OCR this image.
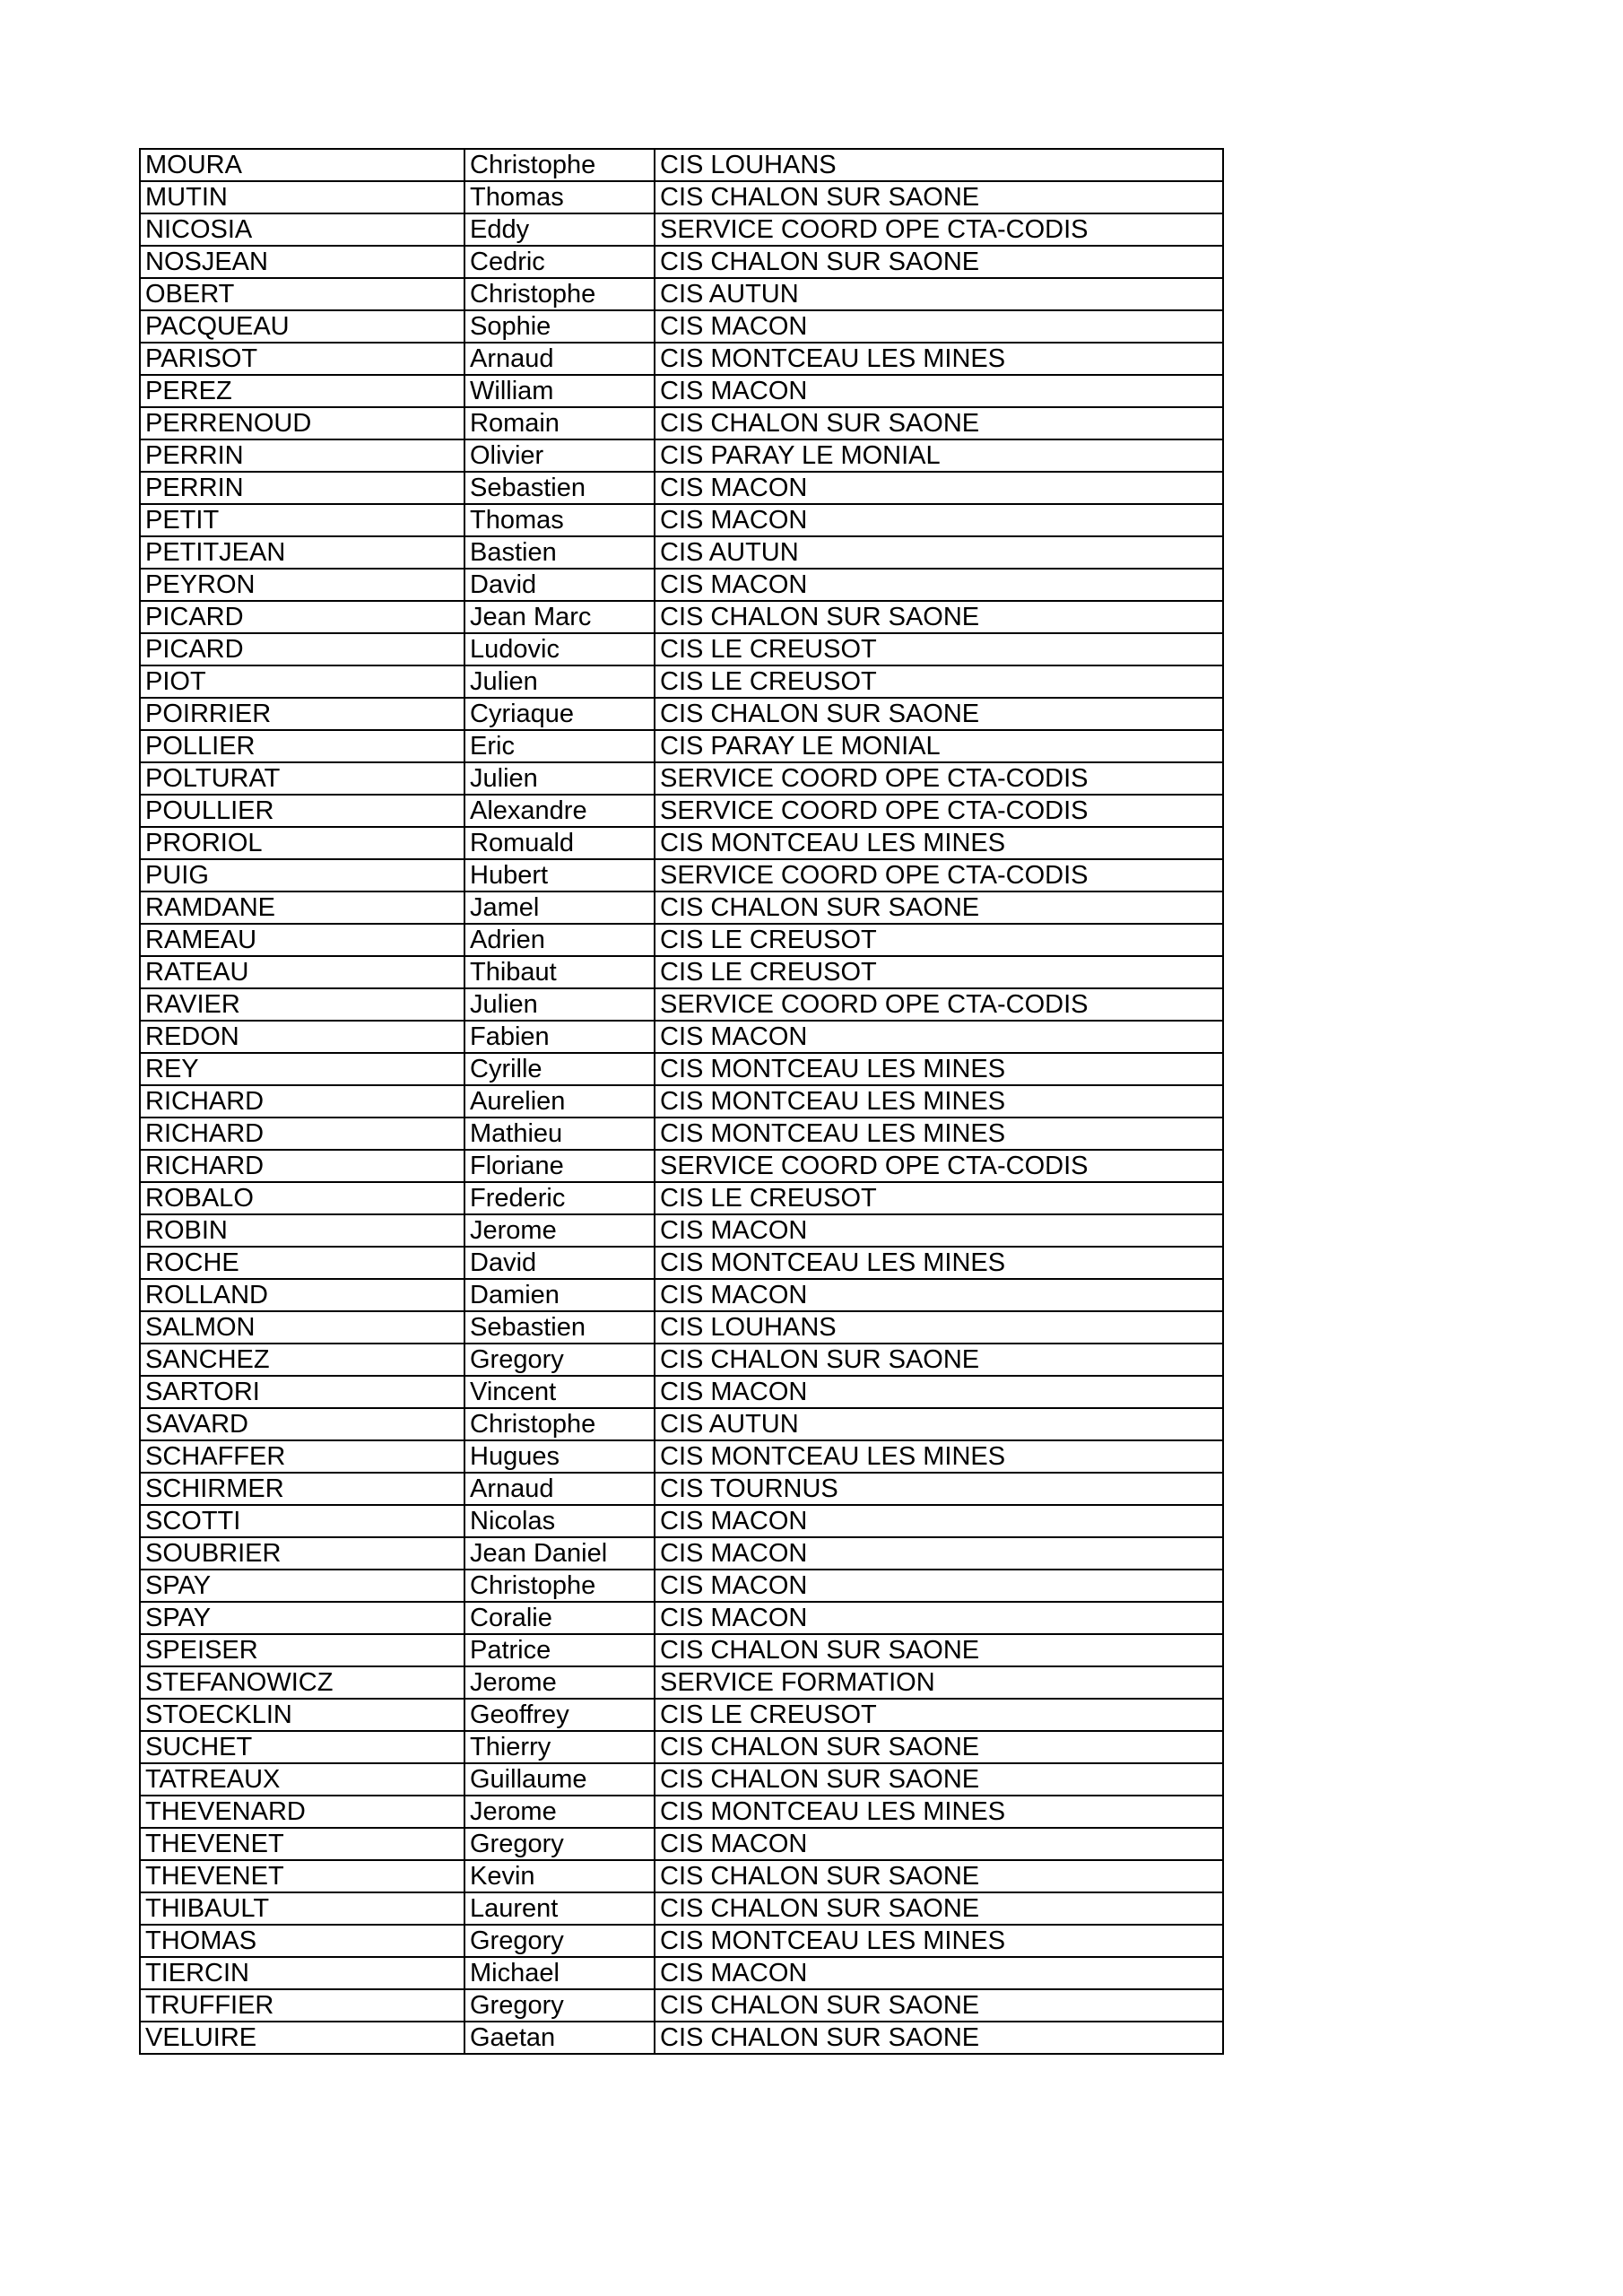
MOURA	Christophe	CIS LOUHANS
MUTIN	Thomas	CIS CHALON SUR SAONE
NICOSIA	Eddy	SERVICE COORD OPE CTA-CODIS
NOSJEAN	Cedric	CIS CHALON SUR SAONE
OBERT	Christophe	CIS AUTUN
PACQUEAU	Sophie	CIS MACON
PARISOT	Arnaud	CIS MONTCEAU LES MINES
PEREZ	William	CIS MACON
PERRENOUD	Romain	CIS CHALON SUR SAONE
PERRIN	Olivier	CIS PARAY LE MONIAL
PERRIN	Sebastien	CIS MACON
PETIT	Thomas	CIS MACON
PETITJEAN	Bastien	CIS AUTUN
PEYRON	David	CIS MACON
PICARD	Jean Marc	CIS CHALON SUR SAONE
PICARD	Ludovic	CIS LE CREUSOT
PIOT	Julien	CIS LE CREUSOT
POIRRIER	Cyriaque	CIS CHALON SUR SAONE
POLLIER	Eric	CIS PARAY LE MONIAL
POLTURAT	Julien	SERVICE COORD OPE CTA-CODIS
POULLIER	Alexandre	SERVICE COORD OPE CTA-CODIS
PRORIOL	Romuald	CIS MONTCEAU LES MINES
PUIG	Hubert	SERVICE COORD OPE CTA-CODIS
RAMDANE	Jamel	CIS CHALON SUR SAONE
RAMEAU	Adrien	CIS LE CREUSOT
RATEAU	Thibaut	CIS LE CREUSOT
RAVIER	Julien	SERVICE COORD OPE CTA-CODIS
REDON	Fabien	CIS MACON
REY	Cyrille	CIS MONTCEAU LES MINES
RICHARD	Aurelien	CIS MONTCEAU LES MINES
RICHARD	Mathieu	CIS MONTCEAU LES MINES
RICHARD	Floriane	SERVICE COORD OPE CTA-CODIS
ROBALO	Frederic	CIS LE CREUSOT
ROBIN	Jerome	CIS MACON
ROCHE	David	CIS MONTCEAU LES MINES
ROLLAND	Damien	CIS MACON
SALMON	Sebastien	CIS LOUHANS
SANCHEZ	Gregory	CIS CHALON SUR SAONE
SARTORI	Vincent	CIS MACON
SAVARD	Christophe	CIS AUTUN
SCHAFFER	Hugues	CIS MONTCEAU LES MINES
SCHIRMER	Arnaud	CIS TOURNUS
SCOTTI	Nicolas	CIS MACON
SOUBRIER	Jean Daniel	CIS MACON
SPAY	Christophe	CIS MACON
SPAY	Coralie	CIS MACON
SPEISER	Patrice	CIS CHALON SUR SAONE
STEFANOWICZ	Jerome	SERVICE FORMATION
STOECKLIN	Geoffrey	CIS LE CREUSOT
SUCHET	Thierry	CIS CHALON SUR SAONE
TATREAUX	Guillaume	CIS CHALON SUR SAONE
THEVENARD	Jerome	CIS MONTCEAU LES MINES
THEVENET	Gregory	CIS MACON
THEVENET	Kevin	CIS CHALON SUR SAONE
THIBAULT	Laurent	CIS CHALON SUR SAONE
THOMAS	Gregory	CIS MONTCEAU LES MINES
TIERCIN	Michael	CIS MACON
TRUFFIER	Gregory	CIS CHALON SUR SAONE
VELUIRE	Gaetan	CIS CHALON SUR SAONE
